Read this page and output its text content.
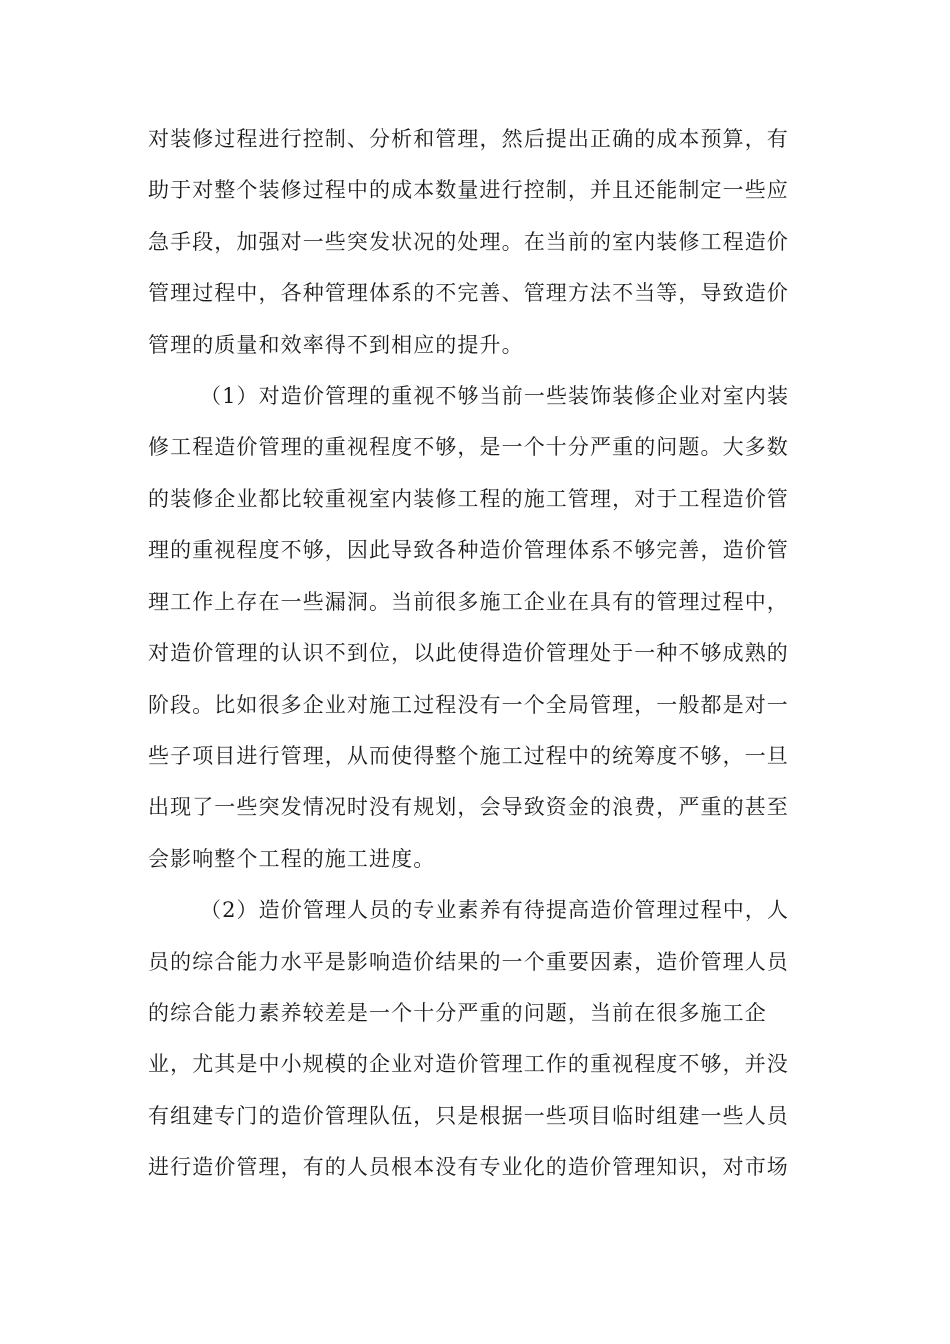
对装修过程进行控制、分析和管理，然后提出正确的成本预算，有
助于对整个装修过程中的成本数量进行控制，并且还能制定一些应
急手段，加强对一些突发状况的处理。在当前的室内装修工程造价
管理过程中，各种管理体系的不完善、管理方法不当等，导致造价
管理的质量和效率得不到相应的提升。
（1）对造价管理的重视不够当前一些装饰装修企业对室内装
修工程造价管理的重视程度不够，是一个十分严重的问题。大多数
的装修企业都比较重视室内装修工程的施工管理，对于工程造价管
理的重视程度不够，因此导致各种造价管理体系不够完善，造价管
理工作上存在一些漏洞。当前很多施工企业在具有的管理过程中，
对造价管理的认识不到位，以此使得造价管理处于一种不够成熟的
阶段。比如很多企业对施工过程没有一个全局管理，一般都是对一
些子项目进行管理，从而使得整个施工过程中的统筹度不够，一旦
出现了一些突发情况时没有规划，会导致资金的浪费，严重的甚至
会影响整个工程的施工进度。
（2）造价管理人员的专业素养有待提高造价管理过程中，人
员的综合能力水平是影响造价结果的一个重要因素，造价管理人员
的综合能力素养较差是一个十分严重的问题，当前在很多施工企
业，尤其是中小规模的企业对造价管理工作的重视程度不够，并没
有组建专门的造价管理队伍，只是根据一些项目临时组建一些人员
进行造价管理，有的人员根本没有专业化的造价管理知识，对市场
